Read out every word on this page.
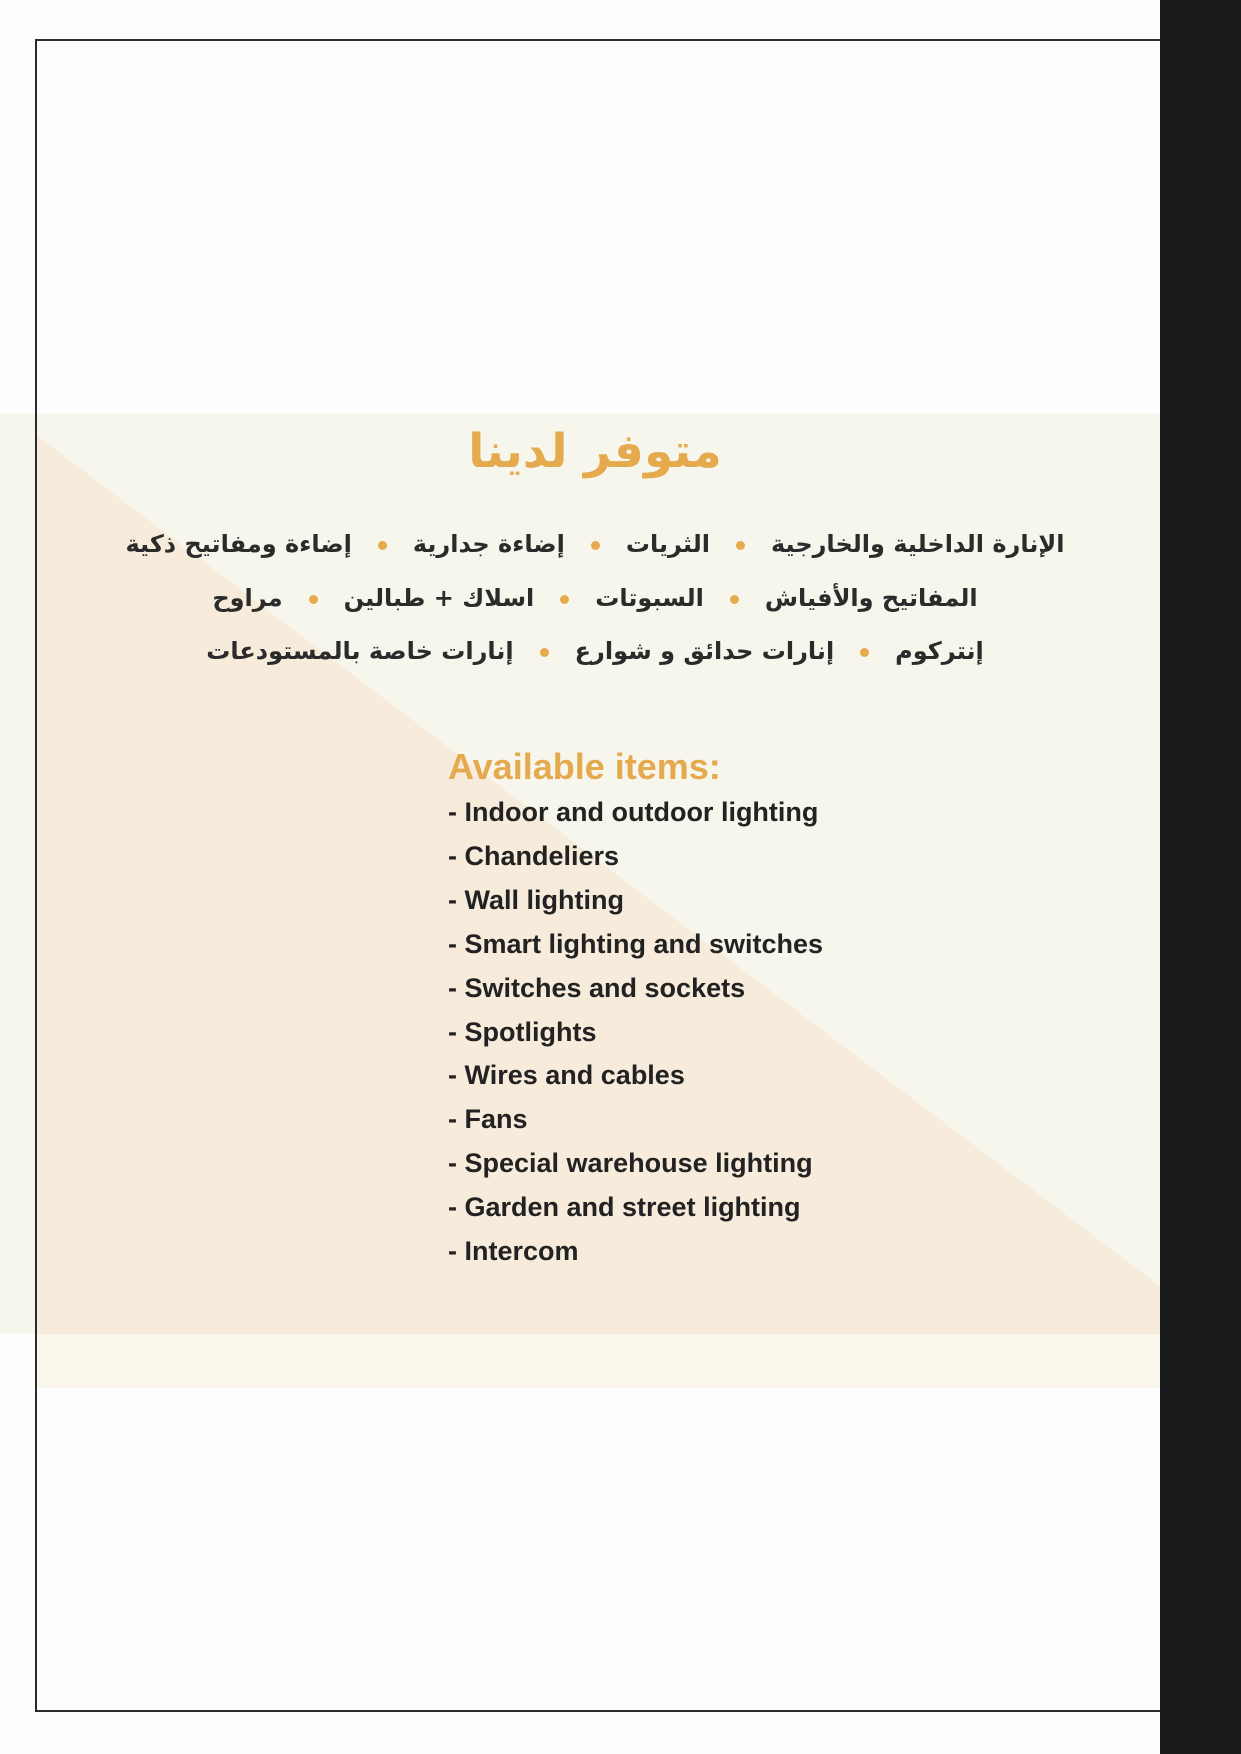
متوفر لدينا
الإنارة الداخلية والخارجيةالثرياتإضاءة جداريةإضاءة ومفاتيح ذكية
المفاتيح والأفياشالسبوتاتاسلاك + طبالينمراوح
إنتركومإنارات حدائق و شوارعإنارات خاصة بالمستودعات
Available items:
- Indoor and outdoor lighting
- Chandeliers
- Wall lighting
- Smart lighting and switches
- Switches and sockets
- Spotlights
- Wires and cables
- Fans
- Special warehouse lighting
- Garden and street lighting
- Intercom
